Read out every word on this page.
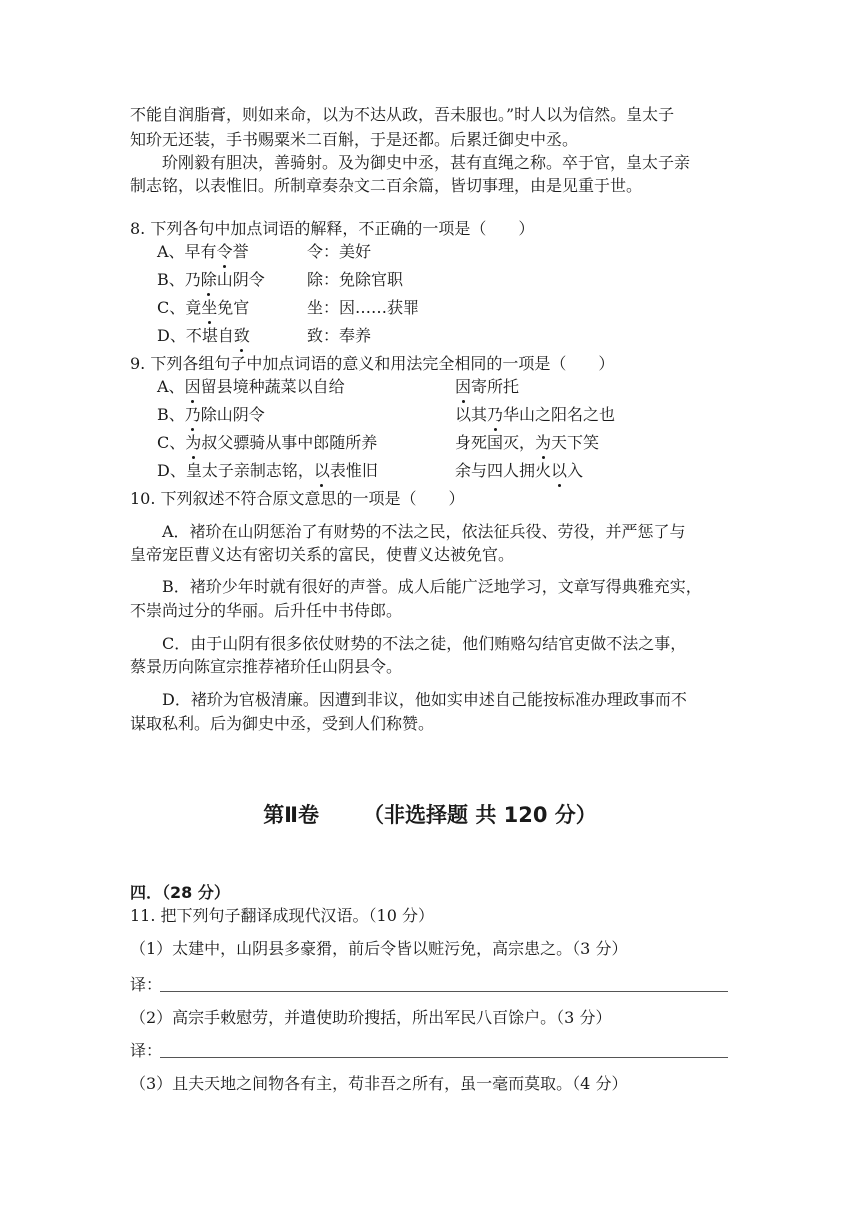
不能自润脂膏，则如来命，以为不达从政，吾未服也。”时人以为信然。皇太子
知玠无还装，手书赐粟米二百斛，于是还都。后累迁御史中丞。
玠刚毅有胆决，善骑射。及为御史中丞，甚有直绳之称。卒于官，皇太子亲
制志铭，以表惟旧。所制章奏杂文二百余篇，皆切事理，由是见重于世。
8. 下列各句中加点词语的解释，不正确的一项是（　　）
A、早有令誉	令：美好
B、乃除山阴令	除：免除官职
C、竟坐免官	坐：因……获罪
D、不堪自致	致：奉养
9. 下列各组句子中加点词语的意义和用法完全相同的一项是（　　）
A、因留县境种蔬菜以自给	因寄所托
B、乃除山阴令	以其乃华山之阳名之也
C、为叔父骠骑从事中郎随所养	身死国灭，为天下笑
D、皇太子亲制志铭，以表惟旧	余与四人拥火以入
10. 下列叙述不符合原文意思的一项是（　　）
A．褚玠在山阴惩治了有财势的不法之民，依法征兵役、劳役，并严惩了与
皇帝宠臣曹义达有密切关系的富民，使曹义达被免官。
B．褚玠少年时就有很好的声誉。成人后能广泛地学习，文章写得典雅充实，
不崇尚过分的华丽。后升任中书侍郎。
C．由于山阴有很多依仗财势的不法之徒，他们贿赂勾结官吏做不法之事，
蔡景历向陈宣宗推荐褚玠任山阴县令。
D．褚玠为官极清廉。因遭到非议，他如实申述自己能按标准办理政事而不
谋取私利。后为御史中丞，受到人们称赞。
第Ⅱ卷 （非选择题 共 120 分）
四．（28 分）
11. 把下列句子翻译成现代汉语。（10 分）
（1）太建中，山阴县多豪猾，前后令皆以赃污免，高宗患之。（3 分）
译：
（2）高宗手敕慰劳，并遣使助玠搜括，所出军民八百馀户。（3 分）
译：
（3）且夫天地之间物各有主，苟非吾之所有，虽一毫而莫取。（4 分）
